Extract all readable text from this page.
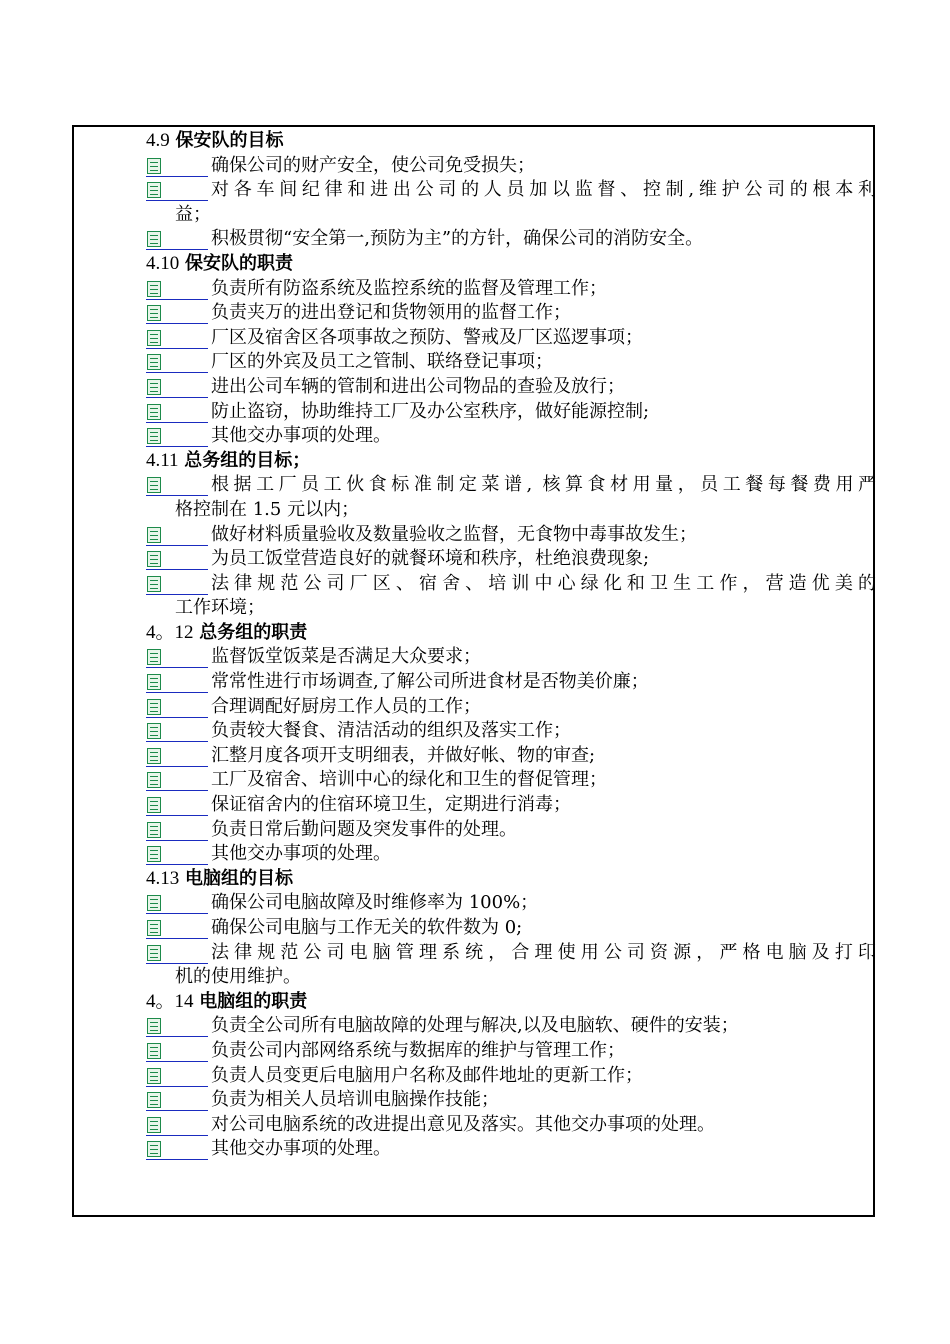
4.9 保安队的目标
确保公司的财产安全，使公司免受损失；
对各车间纪律和进出公司的人员加以监督、控制,维护公司的根本利
益；
积极贯彻“安全第一,预防为主”的方针，确保公司的消防安全。
4.10 保安队的职责
负责所有防盗系统及监控系统的监督及管理工作；
负责夹万的进出登记和货物领用的监督工作；
厂区及宿舍区各项事故之预防、警戒及厂区巡逻事项；
厂区的外宾及员工之管制、联络登记事项；
进出公司车辆的管制和进出公司物品的查验及放行；
防止盗窃，协助维持工厂及办公室秩序，做好能源控制;
其他交办事项的处理。
4.11 总务组的目标；
根据工厂员工伙食标准制定菜谱, 核算食材用量，员工餐每餐费用严
格控制在 1.5 元以内；
做好材料质量验收及数量验收之监督，无食物中毒事故发生；
为员工饭堂营造良好的就餐环境和秩序，杜绝浪费现象;
法律规范公司厂区、宿舍、培训中心绿化和卫生工作，营造优美的
工作环境；
4。12 总务组的职责
监督饭堂饭菜是否满足大众要求；
常常性进行市场调查,了解公司所进食材是否物美价廉；
合理调配好厨房工作人员的工作；
负责较大餐食、清洁活动的组织及落实工作；
汇整月度各项开支明细表，并做好帐、物的审查;
工厂及宿舍、培训中心的绿化和卫生的督促管理；
保证宿舍内的住宿环境卫生，定期进行消毒；
负责日常后勤问题及突发事件的处理。
其他交办事项的处理。
4.13 电脑组的目标
确保公司电脑故障及时维修率为 100%；
确保公司电脑与工作无关的软件数为 0;
法律规范公司电脑管理系统，合理使用公司资源，严格电脑及打印
机的使用维护。
4。14 电脑组的职责
负责全公司所有电脑故障的处理与解决,以及电脑软、硬件的安装；
负责公司内部网络系统与数据库的维护与管理工作；
负责人员变更后电脑用户名称及邮件地址的更新工作；
负责为相关人员培训电脑操作技能；
对公司电脑系统的改进提出意见及落实。其他交办事项的处理。
其他交办事项的处理。
